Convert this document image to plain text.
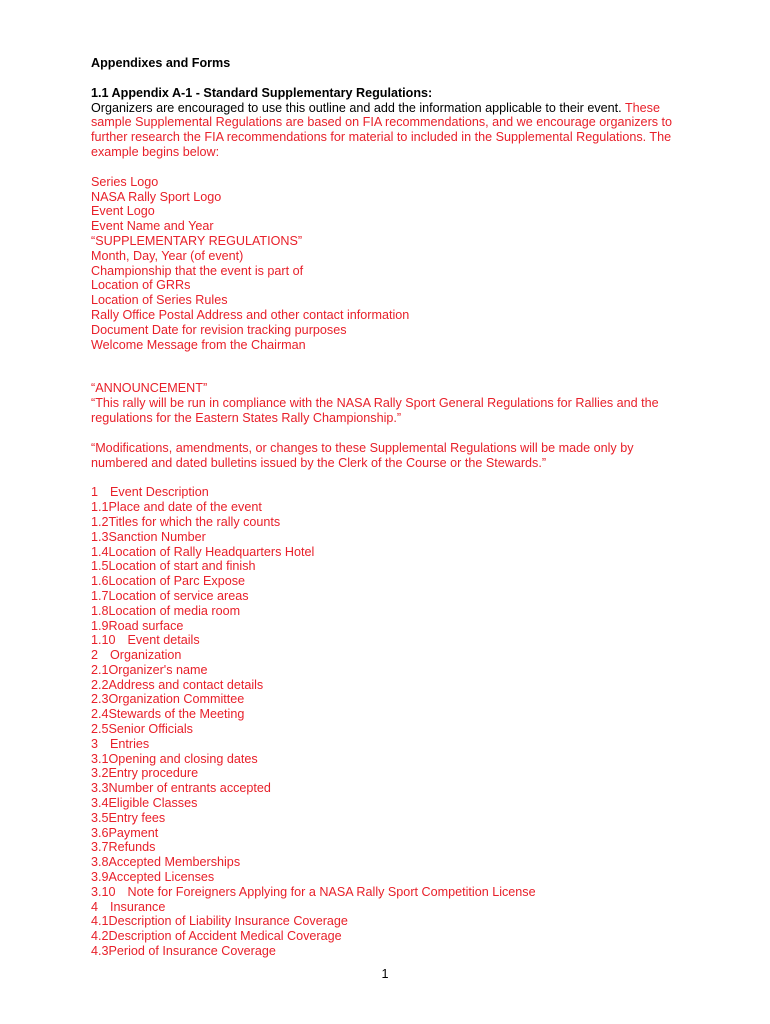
Appendixes and Forms
1.1 Appendix A-1 - Standard Supplementary Regulations:
Organizers are encouraged to use this outline and add the information applicable to their event. These sample Supplemental Regulations are based on FIA recommendations, and we encourage organizers to further research the FIA recommendations for material to included in the Supplemental Regulations. The example begins below:
Series Logo
NASA Rally Sport Logo
Event Logo
Event Name and Year
“SUPPLEMENTARY REGULATIONS”
Month, Day, Year (of event)
Championship that the event is part of
Location of GRRs
Location of Series Rules
Rally Office Postal Address and other contact information
Document Date for revision tracking purposes
Welcome Message from the Chairman
“ANNOUNCEMENT”
“This rally will be run in compliance with the NASA Rally Sport General Regulations for Rallies and the regulations for the Eastern States Rally Championship.”
“Modifications, amendments, or changes to these Supplemental Regulations will be made only by numbered and dated bulletins issued by the Clerk of the Course or the Stewards.”
1 Event Description
1.1Place and date of the event
1.2Titles for which the rally counts
1.3Sanction Number
1.4Location of Rally Headquarters Hotel
1.5Location of start and finish
1.6Location of Parc Expose
1.7Location of service areas
1.8Location of media room
1.9Road surface
1.10 Event details
2 Organization
2.1Organizer's name
2.2Address and contact details
2.3Organization Committee
2.4Stewards of the Meeting
2.5Senior Officials
3 Entries
3.1Opening and closing dates
3.2Entry procedure
3.3Number of entrants accepted
3.4Eligible Classes
3.5Entry fees
3.6Payment
3.7Refunds
3.8Accepted Memberships
3.9Accepted Licenses
3.10 Note for Foreigners Applying for a NASA Rally Sport Competition License
4 Insurance
4.1Description of Liability Insurance Coverage
4.2Description of Accident Medical Coverage
4.3Period of Insurance Coverage
1
